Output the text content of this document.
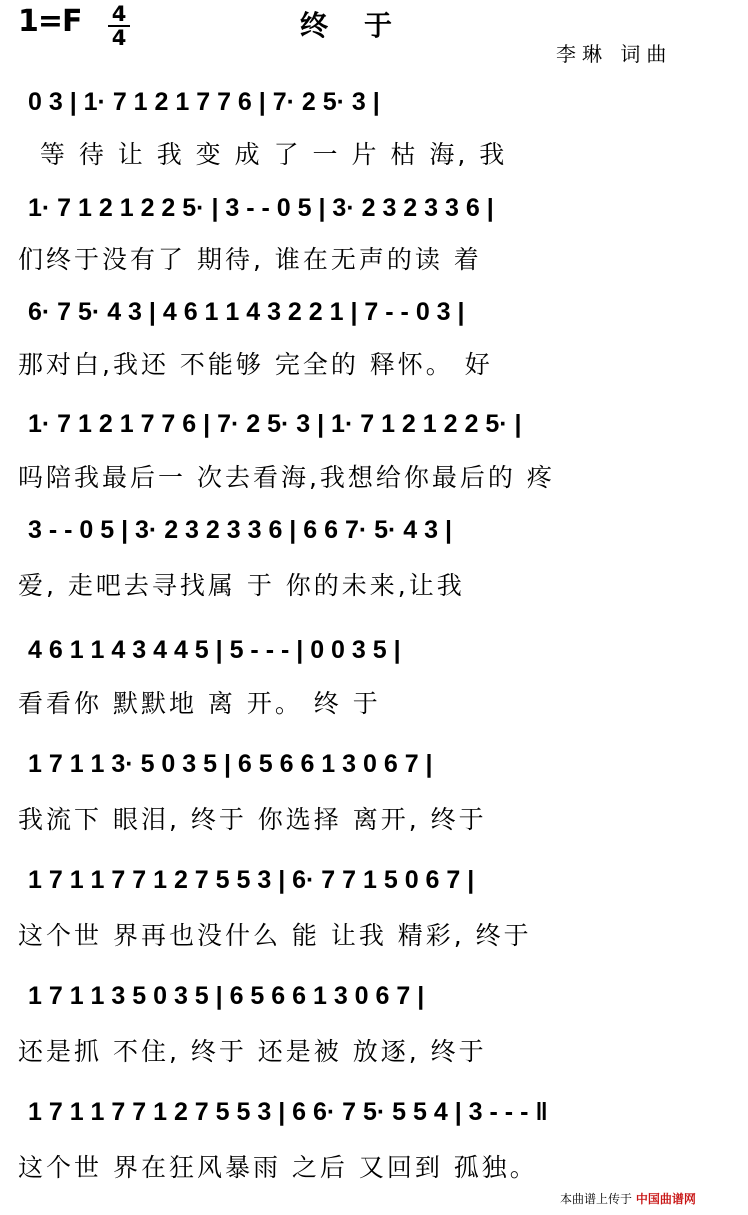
1=F 4
4	终于
李琳 词曲
0 3 | 1· 7 1 2 1 7 7 6 | 7· 2 5· 3 |
等 待 让 我 变 成 了 一 片 枯 海, 我
1· 7 1 2 1 2 2 5· | 3 - - 0 5 | 3· 2 3 2 3 3 6 |
们终于没有了 期待, 谁在无声的读 着
6· 7 5· 4 3 | 4 6 1 1 4 3 2 2 1 | 7 - - 0 3 |
那对白,我还 不能够 完全的 释怀。 好
1· 7 1 2 1 7 7 6 | 7· 2 5· 3 | 1· 7 1 2 1 2 2 5· |
吗陪我最后一 次去看海,我想给你最后的 疼
3 - - 0 5 | 3· 2 3 2 3 3 6 | 6 6 7· 5· 4 3 |
爱, 走吧去寻找属 于 你的未来,让我
4 6 1 1 4 3 4 4 5 | 5 - - - | 0 0 3 5 |
看看你 默默地 离 开。 终 于
1 7 1 1 3· 5 0 3 5 | 6 5 6 6 1 3 0 6 7 |
我流下 眼泪, 终于 你选择 离开, 终于
1 7 1 1 7 7 1 2 7 5 5 3 | 6· 7 7 1 5 0 6 7 |
这个世 界再也没什么 能 让我 精彩, 终于
1 7 1 1 3 5 0 3 5 | 6 5 6 6 1 3 0 6 7 |
还是抓 不住, 终于 还是被 放逐, 终于
1 7 1 1 7 7 1 2 7 5 5 3 | 6 6· 7 5· 5 5 4 | 3 - - - ‖
这个世 界在狂风暴雨 之后 又回到 孤独。
本曲谱上传于 中国曲谱网
